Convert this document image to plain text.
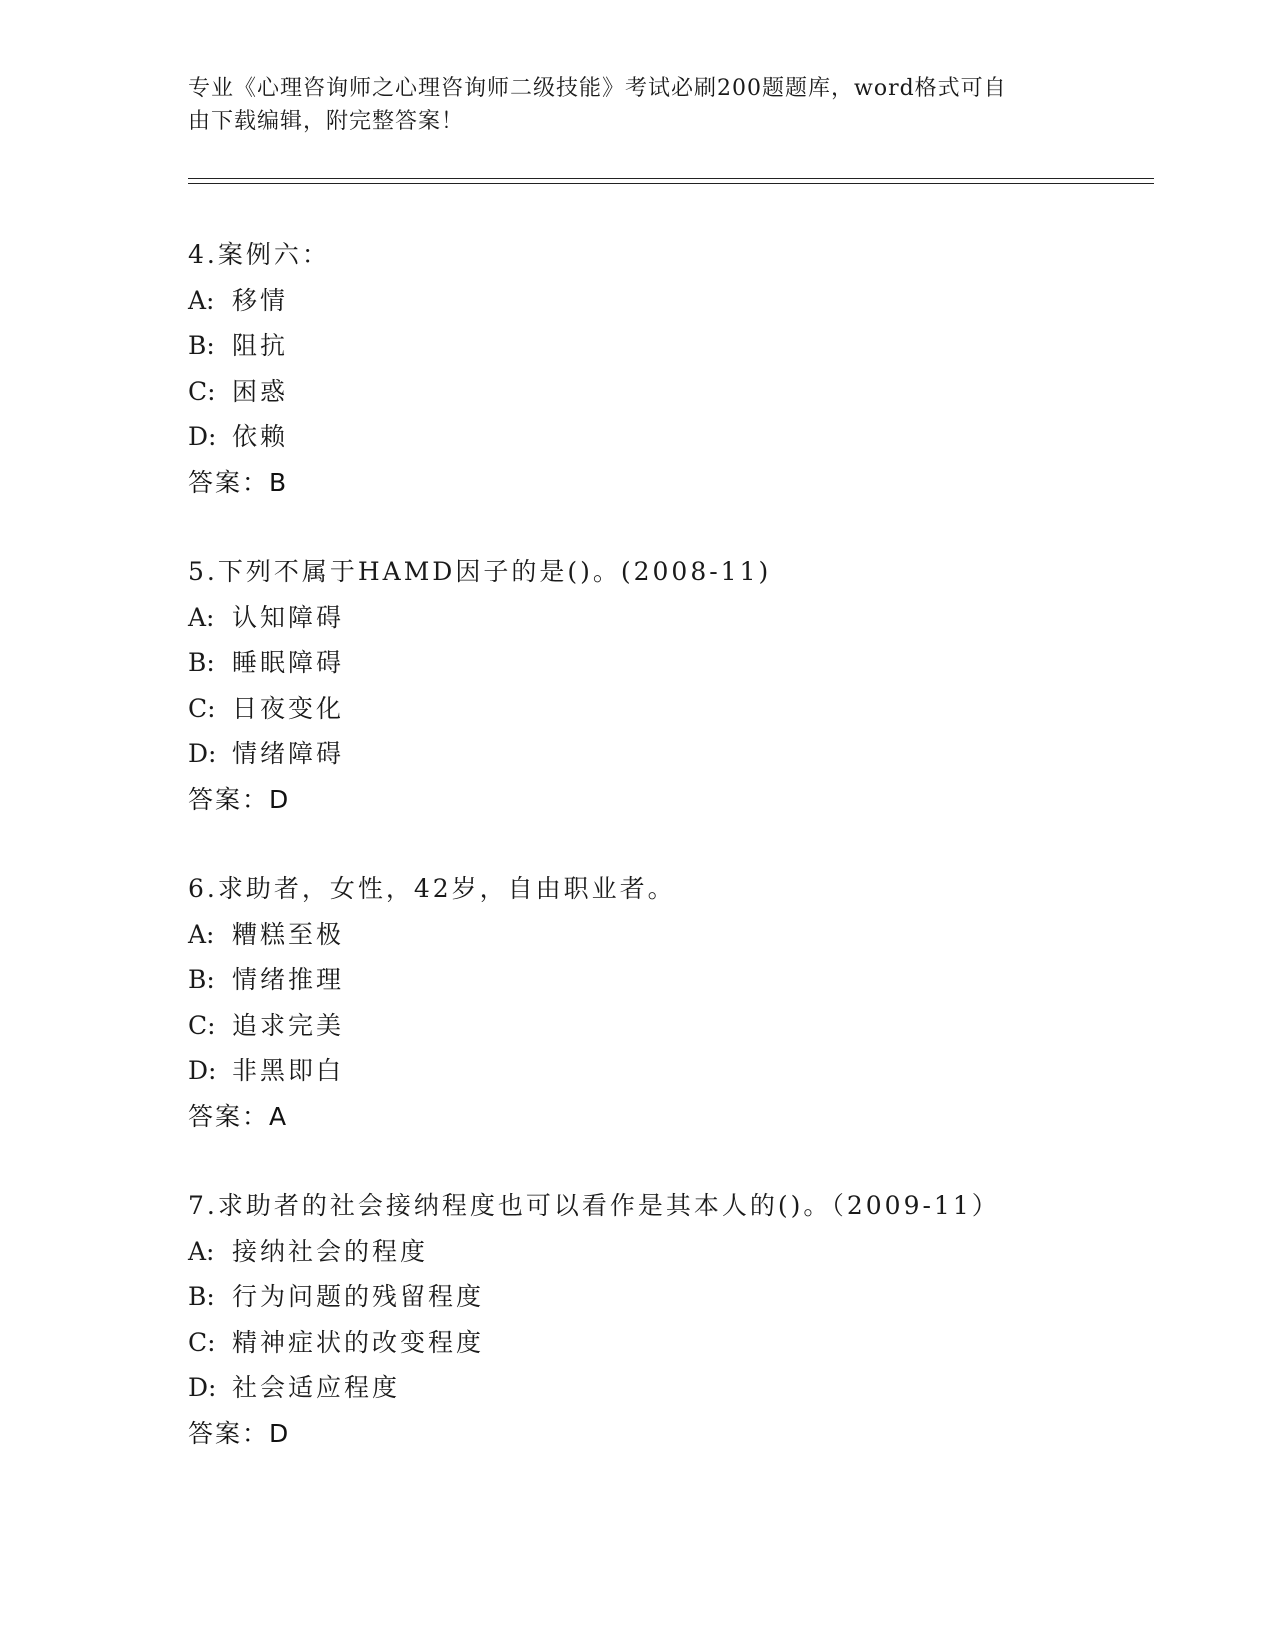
专业《心理咨询师之心理咨询师二级技能》考试必刷200题题库，word格式可自
由下载编辑，附完整答案！
4.案例六：
A: 移情
B: 阻抗
C: 困惑
D: 依赖
答案：B
5.下列不属于HAMD因子的是()。(2008-11)
A: 认知障碍
B: 睡眠障碍
C: 日夜变化
D: 情绪障碍
答案：D
6.求助者，女性，42岁，自由职业者。
A: 糟糕至极
B: 情绪推理
C: 追求完美
D: 非黑即白
答案：A
7.求助者的社会接纳程度也可以看作是其本人的()。（2009-11）
A: 接纳社会的程度
B: 行为问题的残留程度
C: 精神症状的改变程度
D: 社会适应程度
答案：D
